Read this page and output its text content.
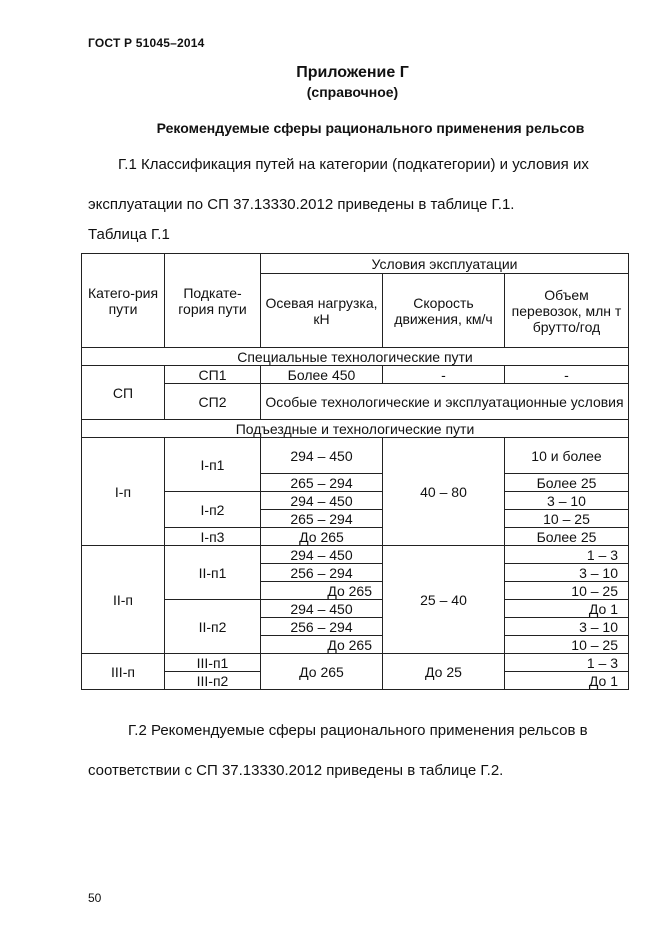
ГОСТ Р 51045–2014
Приложение Г
(справочное)
Рекомендуемые сферы рационального применения рельсов
Г.1 Классификация путей на категории (подкатегории) и условия их
эксплуатации по СП 37.13330.2012 приведены в таблице Г.1.
Таблица Г.1
Катего-рия пути	Подкате-гория пути	Условия эксплуатации		
		Осевая нагрузка, кН	Скорость движения, км/ч	Объем перевозок, млн т брутто/год
Специальные технологические пути				
СП	СП1	Более 450	-	-
	СП2	Особые технологические и эксплуатационные условия		
Подъездные и технологические пути				
I-п	I-п1	294 – 450	40 – 80	10 и более
		265 – 294		Более 25
	I-п2	294 – 450		3 – 10
		265 – 294		10 – 25
	I-п3	До 265		Более 25
II-п	II-п1	294 – 450	25 – 40	1 – 3
		256 – 294		3 – 10
		До 265		10 – 25
	II-п2	294 – 450		До 1
		256 – 294		3 – 10
		До 265		10 – 25
III-п	III-п1	До 265	До 25	1 – 3
	III-п2			До 1
Г.2 Рекомендуемые сферы рационального применения рельсов в
соответствии с СП 37.13330.2012 приведены в таблице Г.2.
50
